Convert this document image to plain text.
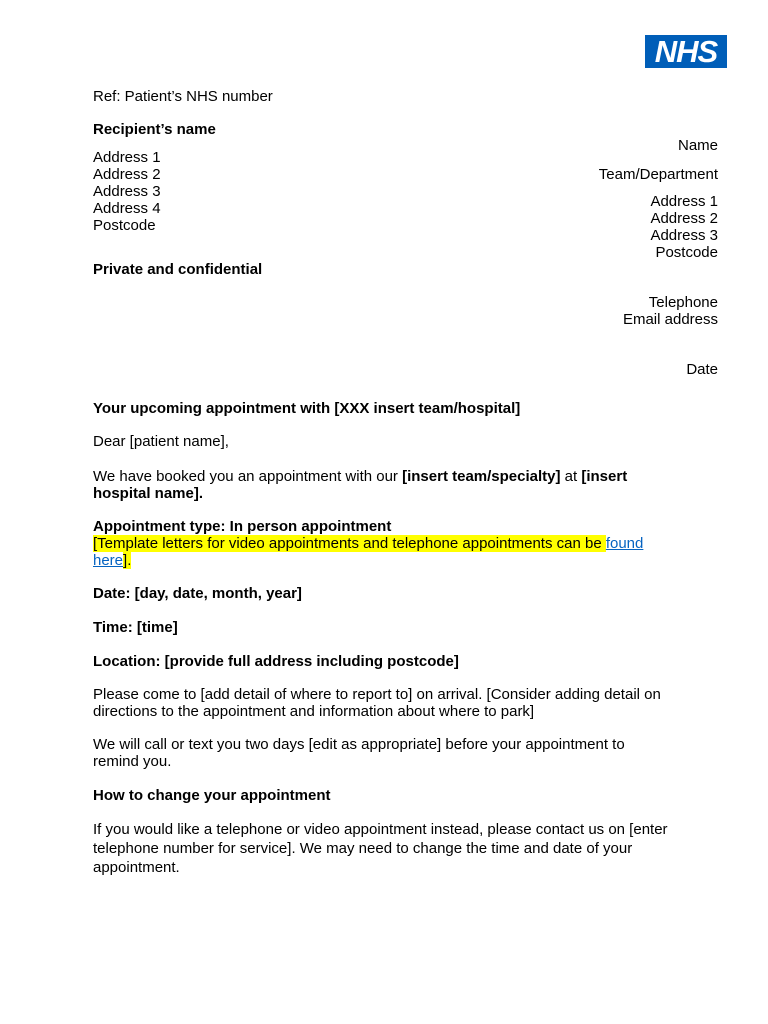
NHS
Ref: Patient’s NHS number
Recipient’s name
Address 1
Address 2
Address 3
Address 4
Postcode
Private and confidential
Name
Team/Department
Address 1
Address 2
Address 3
Postcode
Telephone
Email address
Date
Your upcoming appointment with [XXX insert team/hospital]
Dear [patient name],
We have booked you an appointment with our [insert team/specialty] at [insert hospital name].
Appointment type: In person appointment
[Template letters for video appointments and telephone appointments can be found
here].
Date: [day, date, month, year]
Time: [time]
Location: [provide full address including postcode]
Please come to [add detail of where to report to] on arrival. [Consider adding detail on directions to the appointment and information about where to park]
We will call or text you two days [edit as appropriate] before your appointment to remind you.
How to change your appointment
If you would like a telephone or video appointment instead, please contact us on [enter telephone number for service]. We may need to change the time and date of your appointment.
